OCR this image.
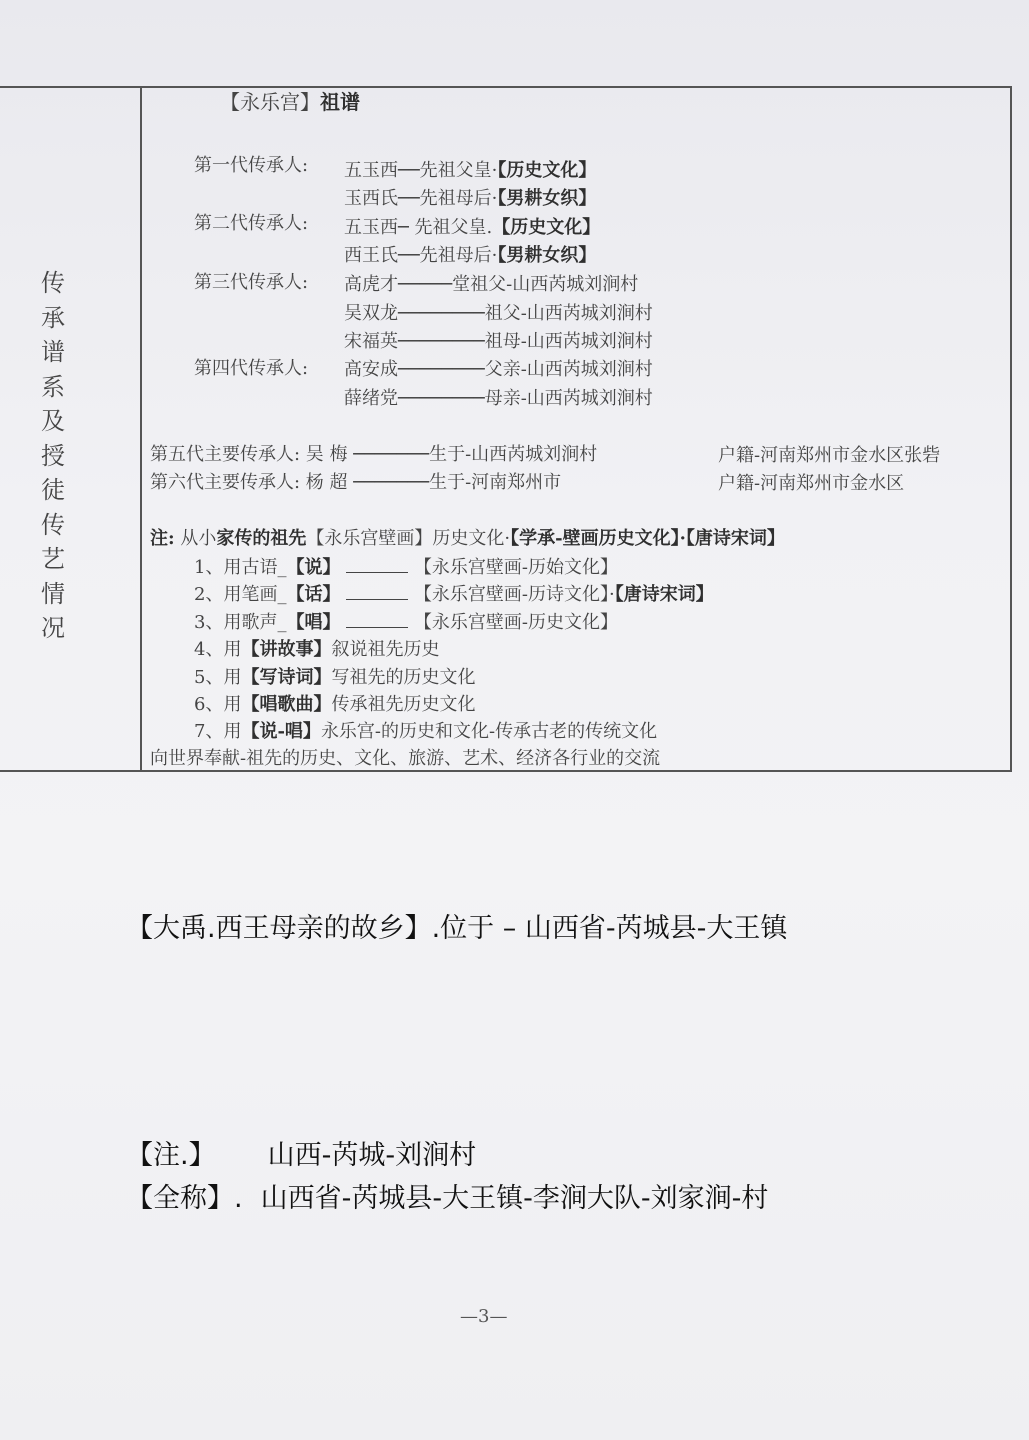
传
承
谱
系
及
授
徒
传
艺
情
况
【永乐宫】祖谱
第一代传承人: 五玉西──先祖父皇·【历史文化】
玉西氏──先祖母后·【男耕女织】
第二代传承人: 五玉西─ 先祖父皇.【历史文化】
西王氏──先祖母后·【男耕女织】
第三代传承人: 高虎才─────堂祖父-山西芮城刘涧村
吴双龙────────祖父-山西芮城刘涧村
宋福英────────祖母-山西芮城刘涧村
第四代传承人: 高安成────────父亲-山西芮城刘涧村
薛绪党────────母亲-山西芮城刘涧村
第五代主要传承人: 吴 梅 ───────生于-山西芮城刘涧村	户籍-河南郑州市金水区张砦
第六代主要传承人: 杨 超 ───────生于-河南郑州市	户籍-河南郑州市金水区
注: 从小家传的祖先【永乐宫壁画】历史文化·【学承-壁画历史文化】·【唐诗宋词】
1、用古语_【说】	【永乐宫壁画-历始文化】
2、用笔画_【话】	【永乐宫壁画-历诗文化】·【唐诗宋词】
3、用歌声_【唱】	【永乐宫壁画-历史文化】
4、用【讲故事】叙说祖先历史
5、用【写诗词】写祖先的历史文化
6、用【唱歌曲】传承祖先历史文化
7、用【说-唱】永乐宫-的历史和文化-传承古老的传统文化
向世界奉献-祖先的历史、文化、旅游、艺术、经济各行业的交流
【大禹.西王母亲的故乡】.位于 – 山西省-芮城县-大王镇
【注.】 山西-芮城-刘涧村
【全称】. 山西省-芮城县-大王镇-李涧大队-刘家涧-村
—3—
